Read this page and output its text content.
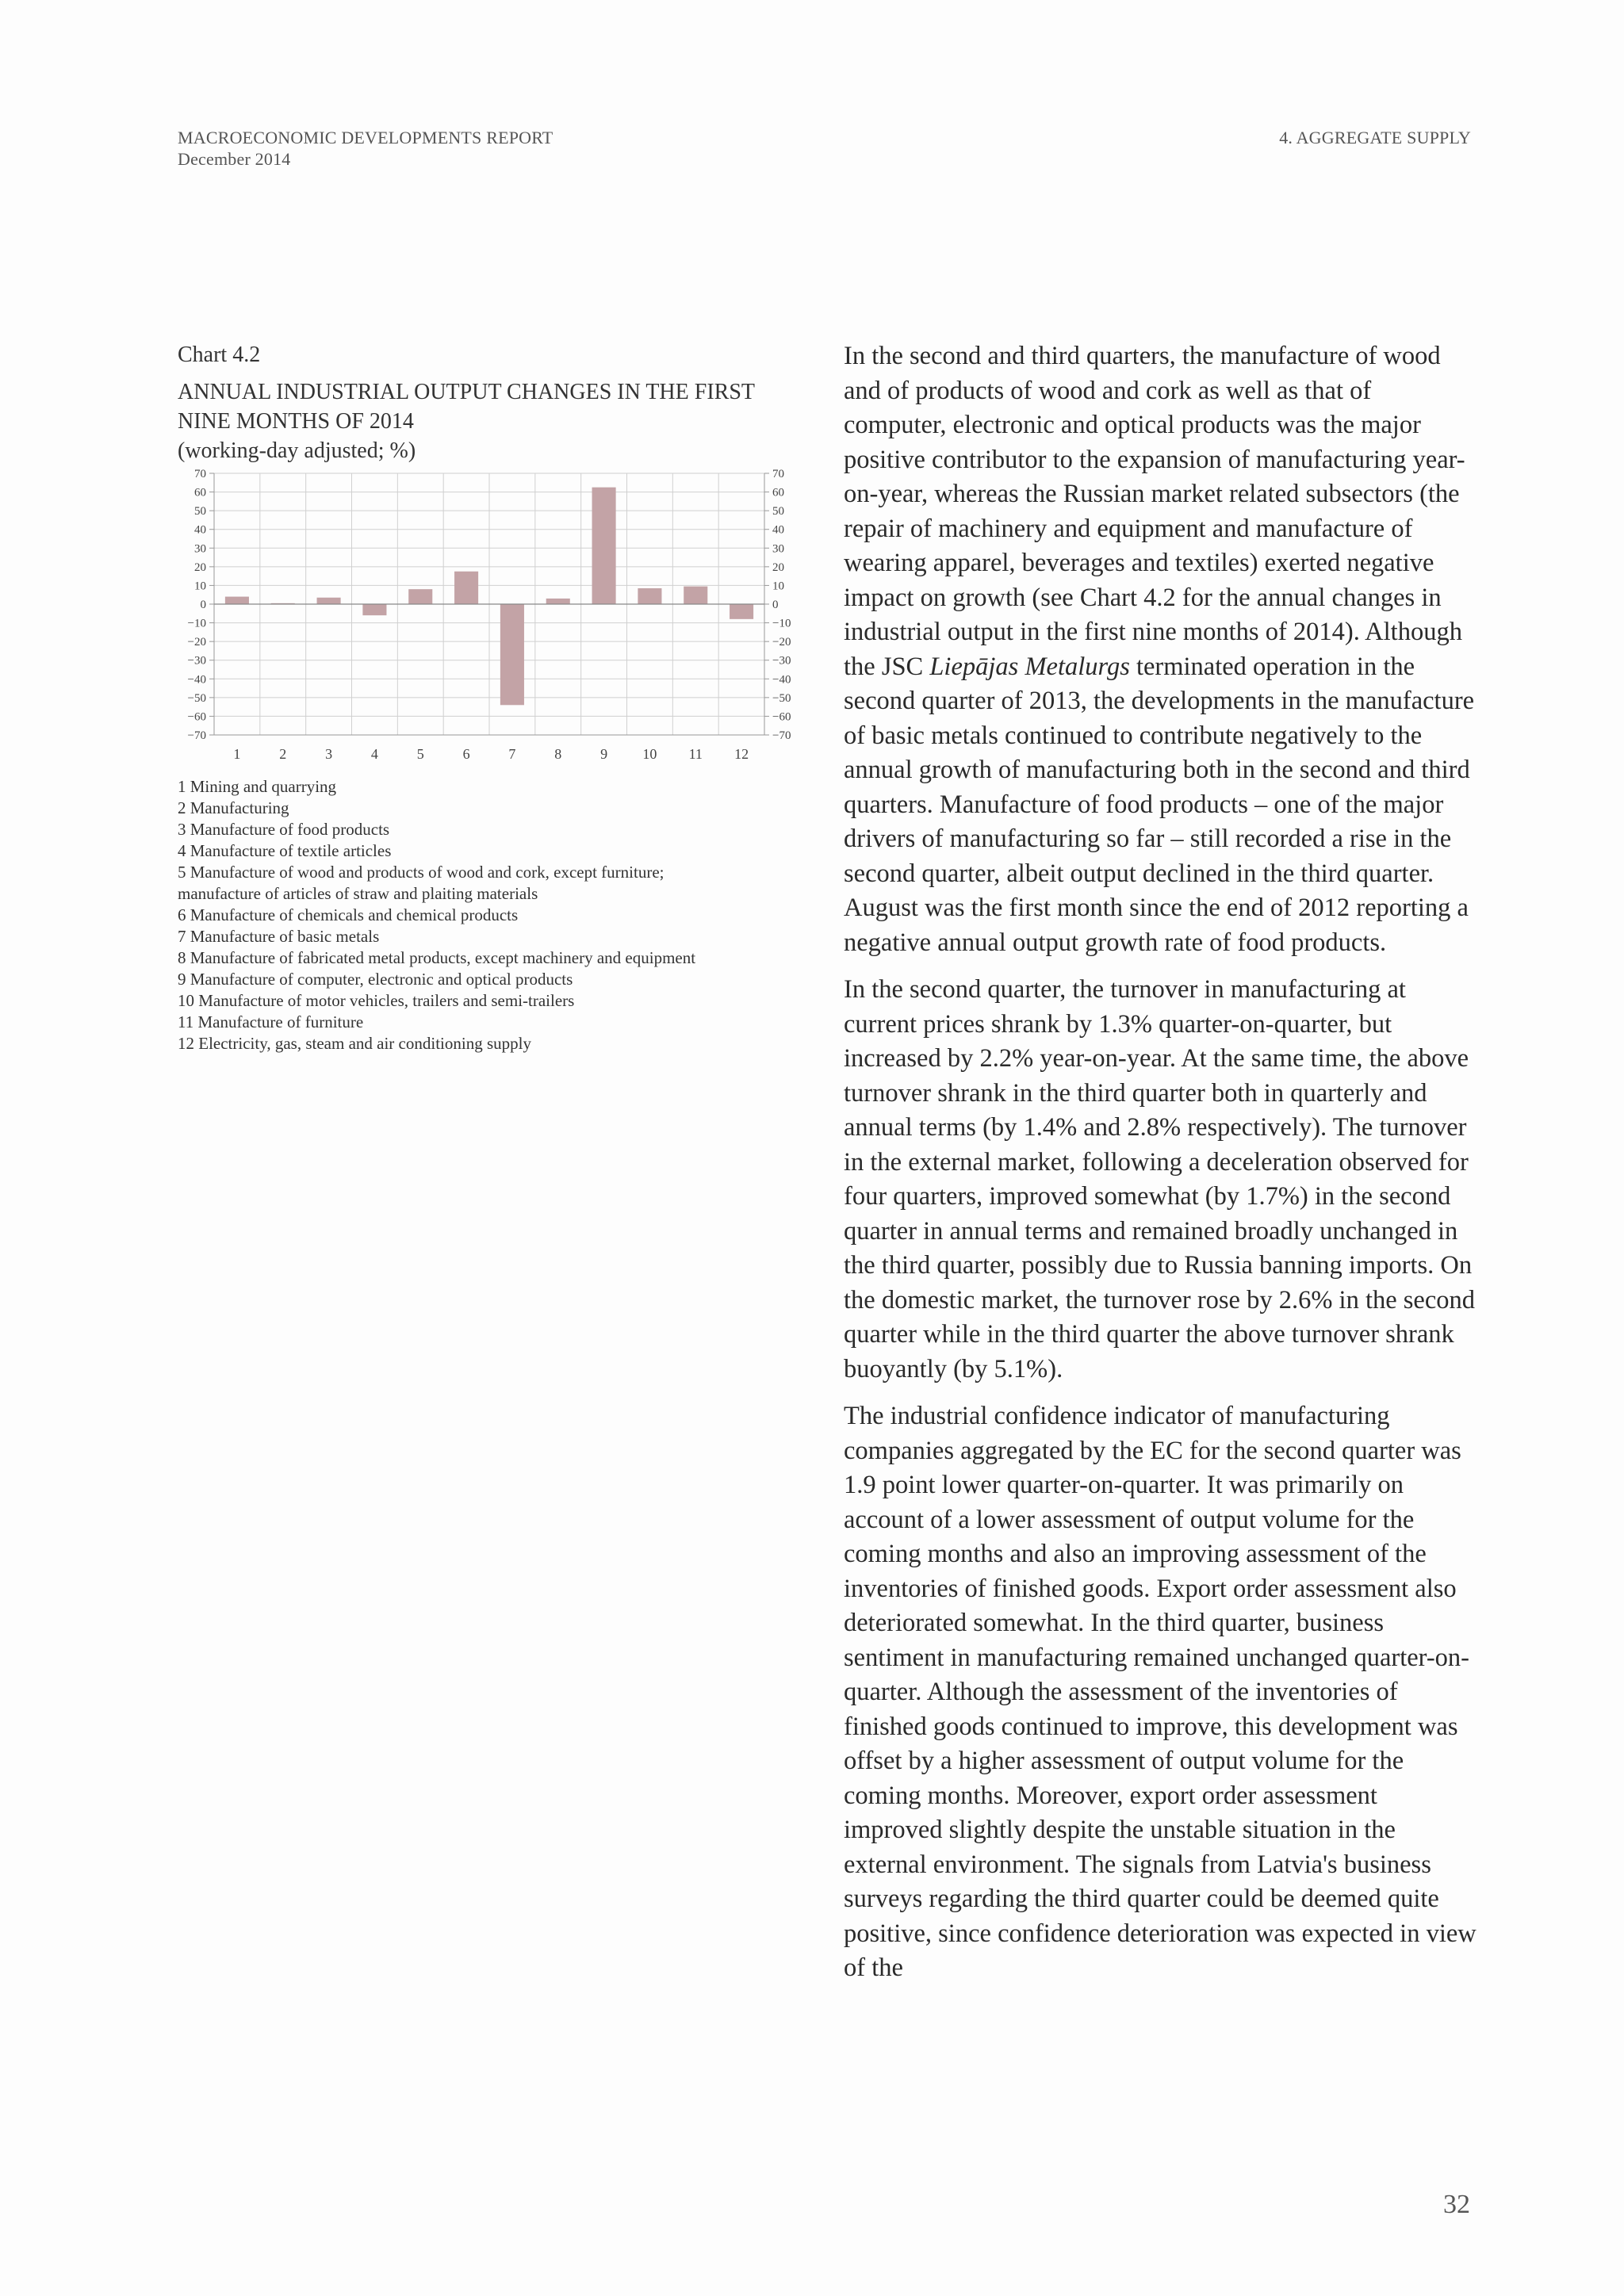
MACROECONOMIC DEVELOPMENTS REPORT
December 2014
4. AGGREGATE SUPPLY
Chart 4.2
ANNUAL INDUSTRIAL OUTPUT CHANGES IN THE FIRST NINE MONTHS OF 2014
(working-day adjusted; %)
70	70
60	60
50	50
40	40
30	30
20	20
10	10
0	0
−10	−10
−20	−20
−30	−30
−40	−40
−50	−50
−60	−60
−70	−70
1	2	3	4	5	6	7	8	9 10 11 12
1 Mining and quarrying
2 Manufacturing
3 Manufacture of food products
4 Manufacture of textile articles
5 Manufacture of wood and products of wood and cork, except furniture;
manufacture of articles of straw and plaiting materials
6 Manufacture of chemicals and chemical products
7 Manufacture of basic metals
8 Manufacture of fabricated metal products, except machinery and equipment
9 Manufacture of computer, electronic and optical products
10 Manufacture of motor vehicles, trailers and semi-trailers
11 Manufacture of furniture
12 Electricity, gas, steam and air conditioning supply

In the second and third quarters, the manufacture of wood and of products of wood and cork as well as that of computer, electronic and optical products was the major positive contributor to the expansion of manufacturing year-on-year, whereas the Russian market related subsectors (the repair of machinery and equipment and manufacture of wearing apparel, beverages and textiles) exerted negative impact on growth (see Chart 4.2 for the annual changes in industrial output in the first nine months of 2014). Although the JSC Liepājas Metalurgs terminated operation in the second quarter of 2013, the developments in the manufacture of basic metals continued to contribute negatively to the annual growth of manufacturing both in the second and third quarters. Manufacture of food products – one of the major drivers of manufacturing so far – still recorded a rise in the second quarter, albeit output declined in the third quarter. August was the first month since the end of 2012 reporting a negative annual output growth rate of food products.

In the second quarter, the turnover in manufacturing at current prices shrank by 1.3% quarter-on-quarter, but increased by 2.2% year-on-year. At the same time, the above turnover shrank in the third quarter both in quarterly and annual terms (by 1.4% and 2.8% respectively). The turnover in the external market, following a deceleration observed for four quarters, improved somewhat (by 1.7%) in the second quarter in annual terms and remained broadly unchanged in the third quarter, possibly due to Russia banning imports. On the domestic market, the turnover rose by 2.6% in the second quarter while in the third quarter the above turnover shrank buoyantly (by 5.1%).

The industrial confidence indicator of manufacturing companies aggregated by the EC for the second quarter was 1.9 point lower quarter-on-quarter. It was primarily on account of a lower assessment of output volume for the coming months and also an improving assessment of the inventories of finished goods. Export order assessment also deteriorated somewhat. In the third quarter, business sentiment in manufacturing remained unchanged quarter-on-quarter. Although the assessment of the inventories of finished goods continued to improve, this development was offset by a higher assessment of output volume for the coming months. Moreover, export order assessment improved slightly despite the unstable situation in the external environment. The signals from Latvia's business surveys regarding the third quarter could be deemed quite positive, since confidence deterioration was expected in view of the

32
